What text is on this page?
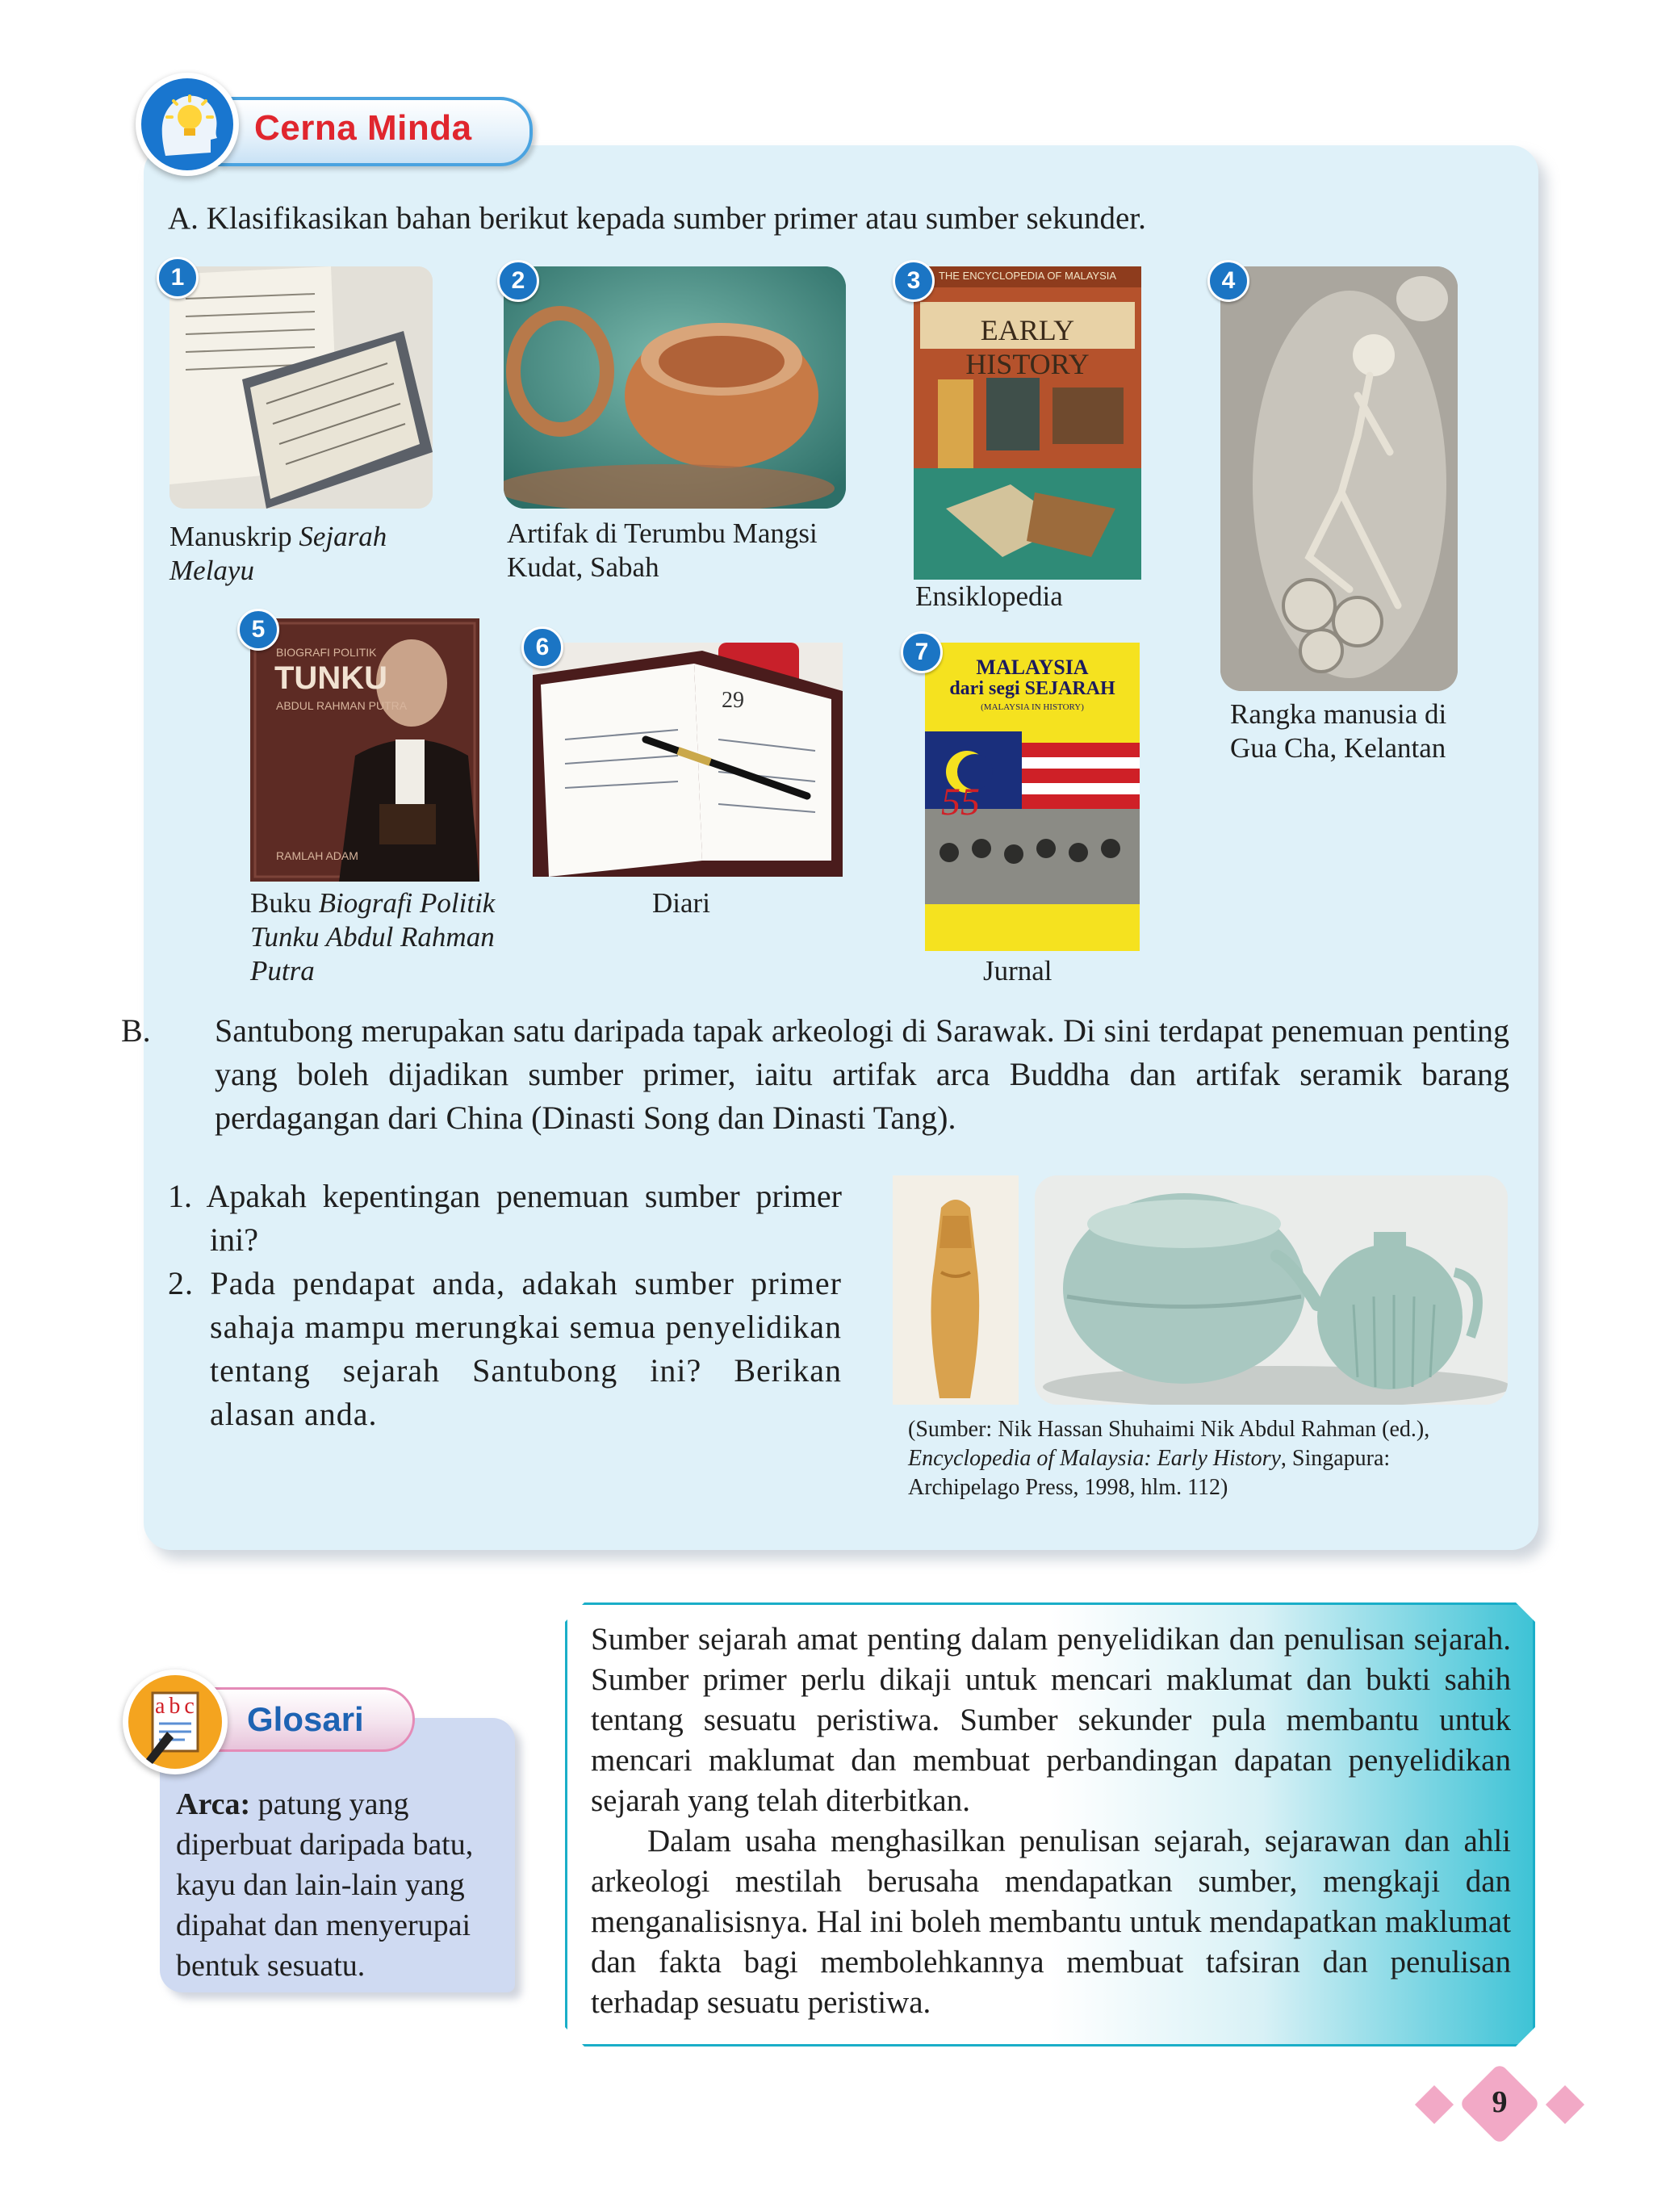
Cerna Minda
A. Klasifikasikan bahan berikut kepada sumber primer atau sumber sekunder.
1
Manuskrip Sejarah Melayu
2
Artifak di Terumbu Mangsi Kudat, Sabah
THE ENCYCLOPEDIA OF MALAYSIA
EARLY HISTORY
3
Ensiklopedia
4
Rangka manusia di Gua Cha, Kelantan
BIOGRAFI POLITIK
TUNKU
ABDUL RAHMAN PUTRA
RAMLAH ADAM
5
Buku Biografi Politik Tunku Abdul Rahman Putra
29
6
Diari
MALAYSIA
dari segi SEJARAH
(MALAYSIA IN HISTORY)
55
7
Jurnal
B. Santubong merupakan satu daripada tapak arkeologi di Sarawak. Di sini terdapat penemuan penting yang boleh dijadikan sumber primer, iaitu artifak arca Buddha dan artifak seramik barang perdagangan dari China (Dinasti Song dan Dinasti Tang).
1. Apakah kepentingan penemuan sumber primer ini?
2. Pada pendapat anda, adakah sumber primer sahaja mampu merungkai semua penyelidikan tentang sejarah Santubong ini? Berikan alasan anda.	(Sumber: Nik Hassan Shuhaimi Nik Abdul Rahman (ed.), Encyclopedia of Malaysia: Early History, Singapura: Archipelago Press, 1998, hlm. 112)
Glosari
a b c
Arca: patung yang diperbuat daripada batu, kayu dan lain-lain yang dipahat dan menyerupai bentuk sesuatu.

Sumber sejarah amat penting dalam penyelidikan dan penulisan sejarah. Sumber primer perlu dikaji untuk mencari maklumat dan bukti sahih tentang sesuatu peristiwa. Sumber sekunder pula membantu untuk mencari maklumat dan membuat perbandingan dapatan penyelidikan sejarah yang telah diterbitkan.

Dalam usaha menghasilkan penulisan sejarah, sejarawan dan ahli arkeologi mestilah berusaha mendapatkan sumber, mengkaji dan menganalisisnya. Hal ini boleh membantu untuk mendapatkan maklumat dan fakta bagi membolehkannya membuat tafsiran dan penulisan terhadap sesuatu peristiwa.

9
